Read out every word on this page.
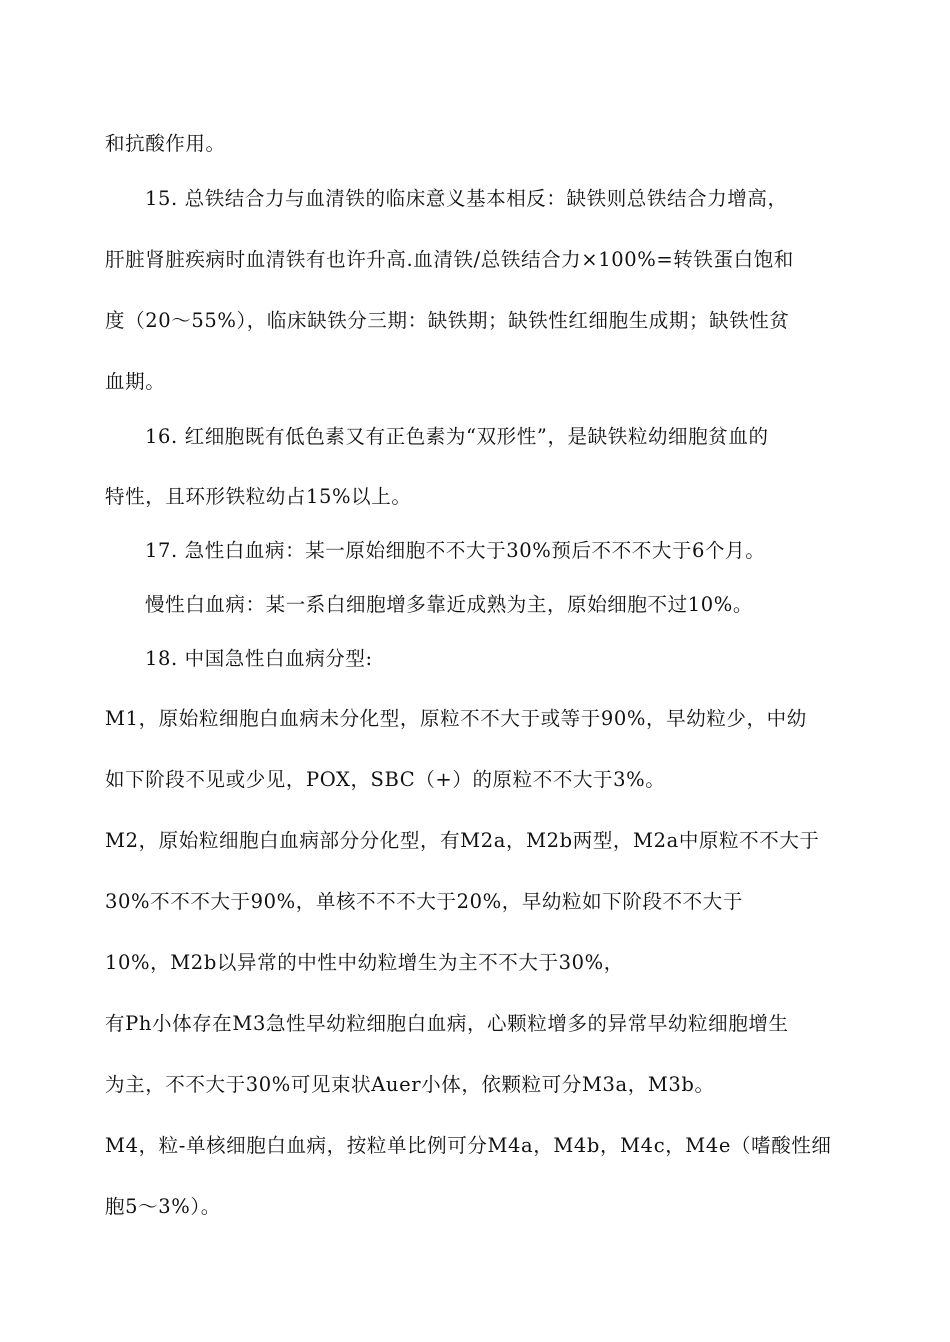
和抗酸作用。
15. 总铁结合力与血清铁的临床意义基本相反：缺铁则总铁结合力增高，
肝脏肾脏疾病时血清铁有也许升高.血清铁/总铁结合力×100%=转铁蛋白饱和
度（20～55%），临床缺铁分三期：缺铁期；缺铁性红细胞生成期；缺铁性贫
血期。
16. 红细胞既有低色素又有正色素为“双形性”，是缺铁粒幼细胞贫血的
特性，且环形铁粒幼占15%以上。
17. 急性白血病：某一原始细胞不不大于30%预后不不不大于6个月。
慢性白血病：某一系白细胞增多靠近成熟为主，原始细胞不过10%。
18. 中国急性白血病分型:
M1，原始粒细胞白血病未分化型，原粒不不大于或等于90%，早幼粒少，中幼
如下阶段不见或少见，POX，SBC（+）的原粒不不大于3%。
M2，原始粒细胞白血病部分分化型，有M2a，M2b两型，M2a中原粒不不大于
30%不不不大于90%，单核不不不大于20%，早幼粒如下阶段不不大于
10%，M2b以异常的中性中幼粒增生为主不不大于30%，
有Ph小体存在M3急性早幼粒细胞白血病，心颗粒增多的异常早幼粒细胞增生
为主，不不大于30%可见束状Auer小体，依颗粒可分M3a，M3b。
M4，粒-单核细胞白血病，按粒单比例可分M4a，M4b，M4c，M4e（嗜酸性细
胞5～3%）。
